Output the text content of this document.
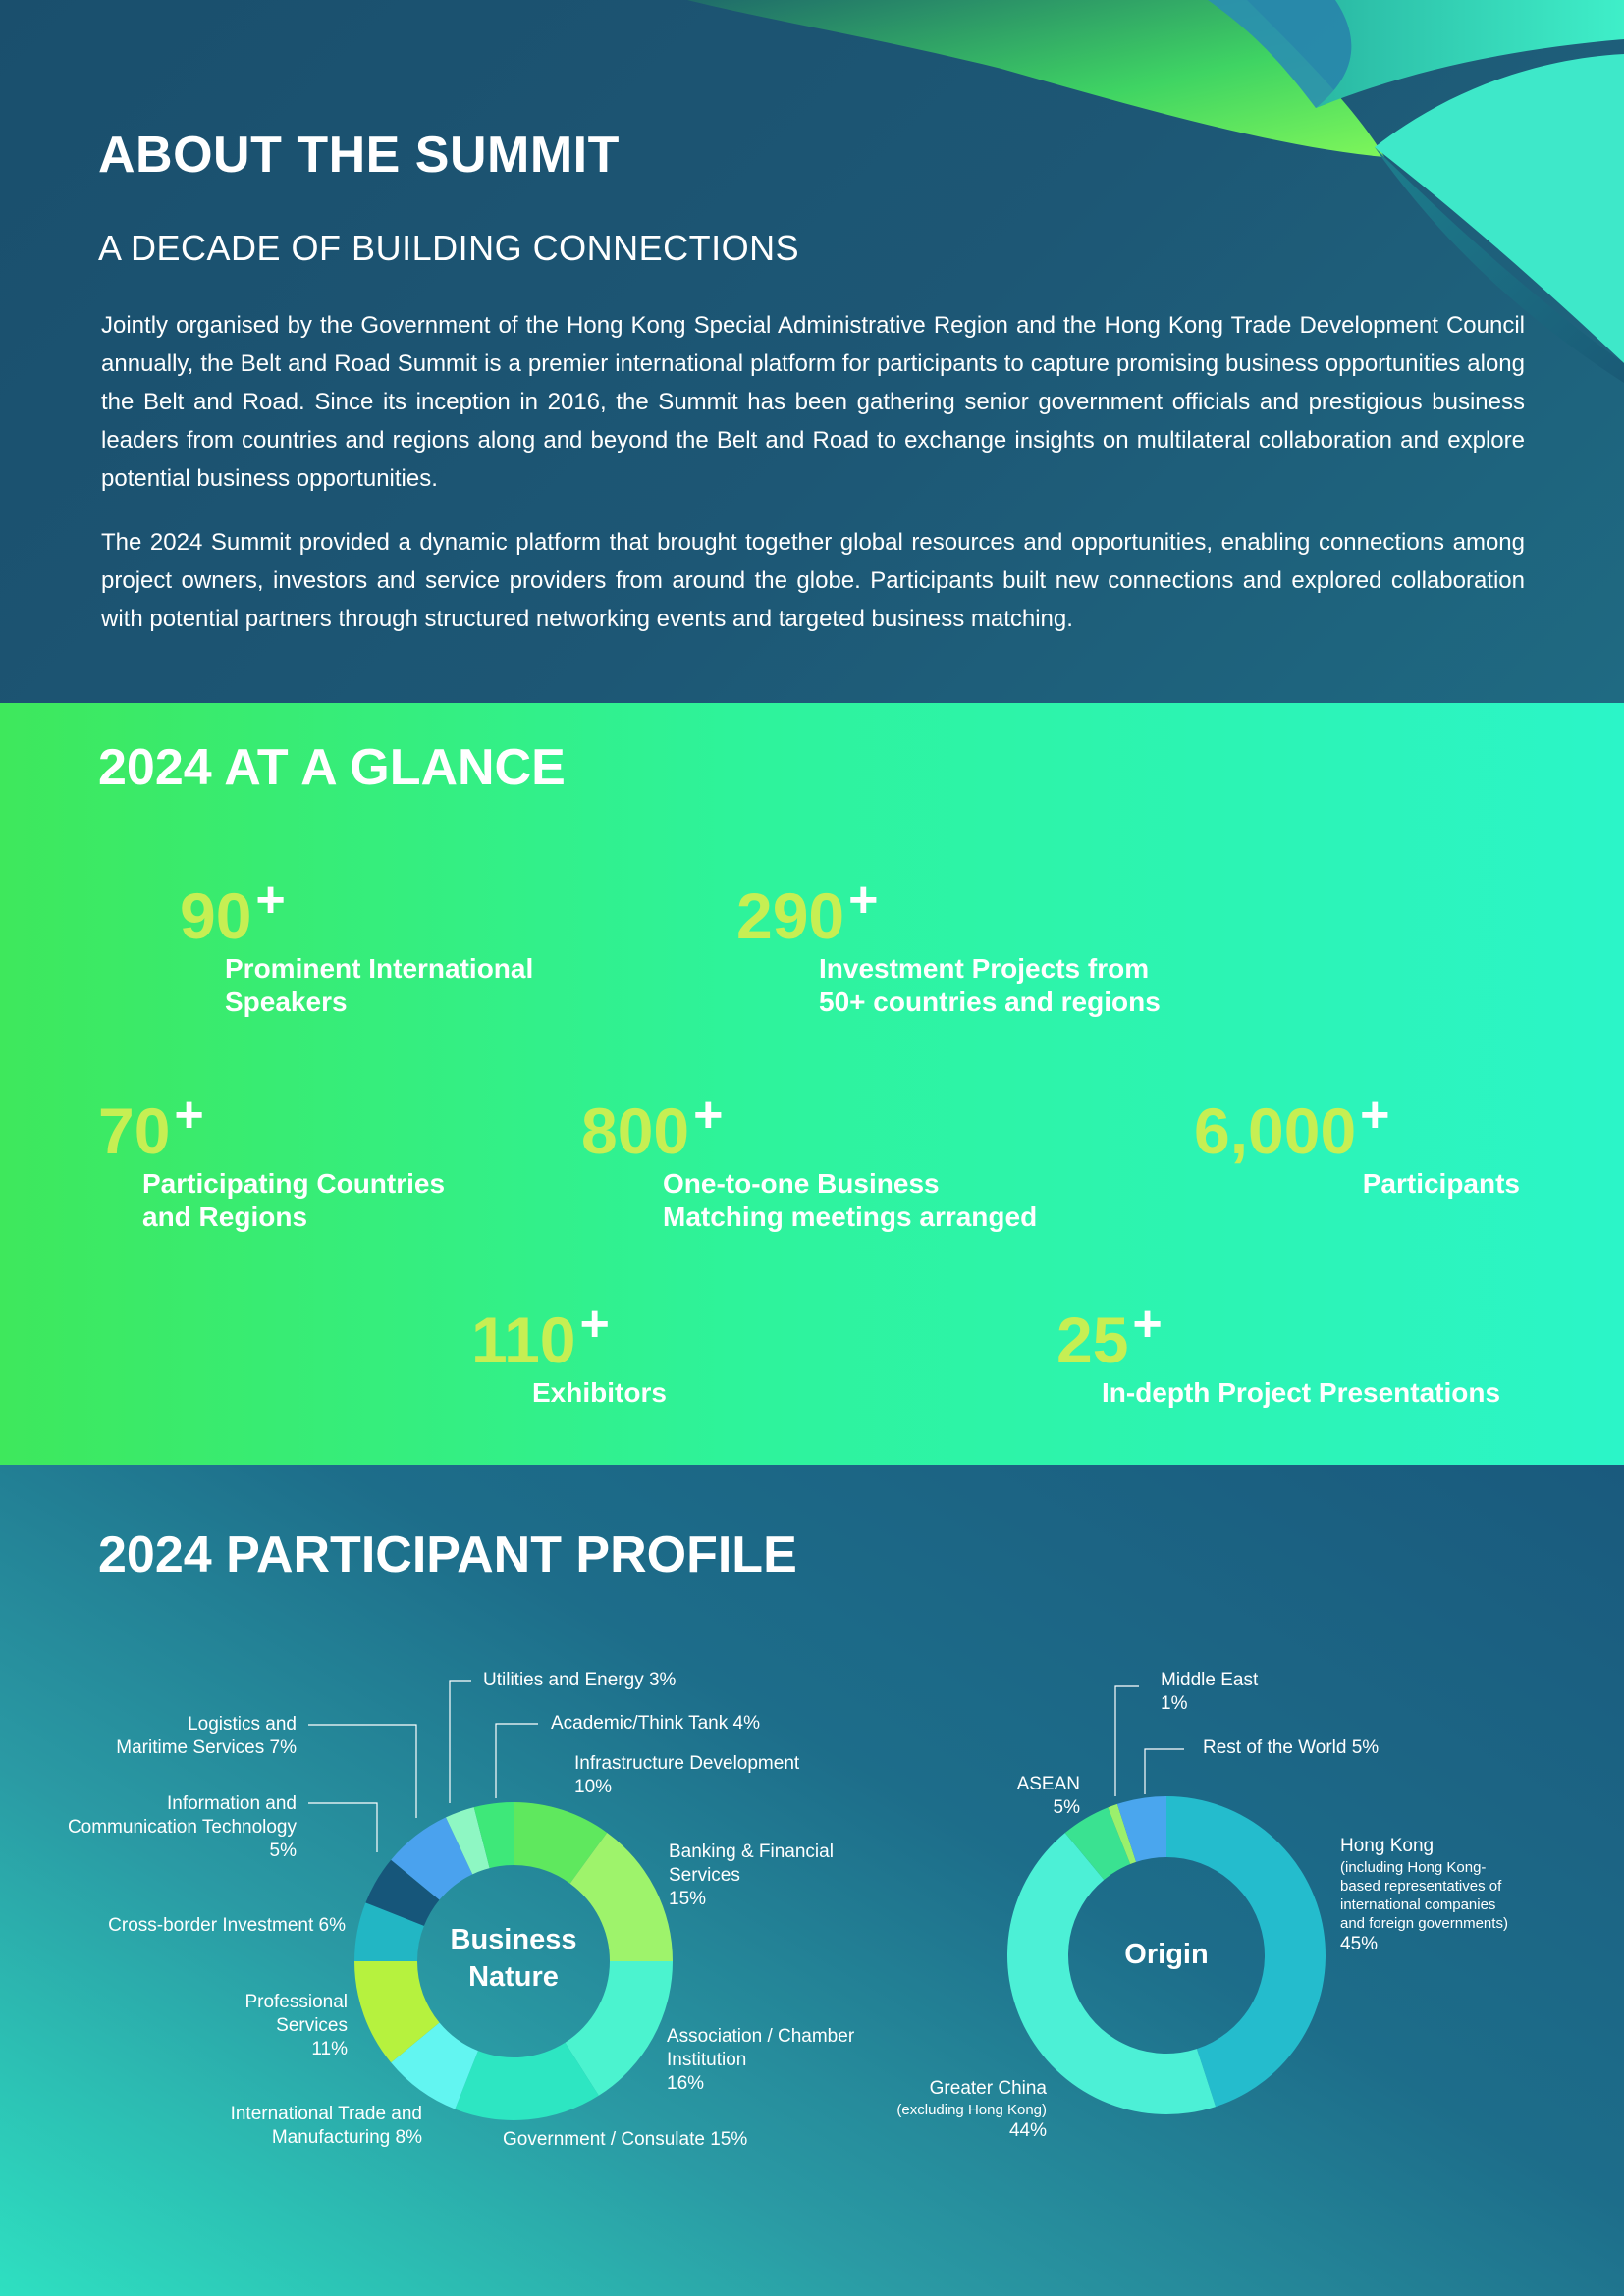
ABOUT THE SUMMIT
A DECADE OF BUILDING CONNECTIONS

Jointly organised by the Government of the Hong Kong Special Administrative Region and the Hong Kong Trade Development Council annually, the Belt and Road Summit is a premier international platform for participants to capture promising business opportunities along the Belt and Road. Since its inception in 2016, the Summit has been gathering senior government officials and prestigious business leaders from countries and regions along and beyond the Belt and Road to exchange insights on multilateral collaboration and explore potential business opportunities.

The 2024 Summit provided a dynamic platform that brought together global resources and opportunities, enabling connections among project owners, investors and service providers from around the globe. Participants built new connections and explored collaboration with potential partners through structured networking events and targeted business matching.

2024 AT A GLANCE
90+
Prominent International
Speakers
290+
Investment Projects from
50+ countries and regions
70+
Participating Countries
and Regions
800+
One-to-one Business
Matching meetings arranged
6,000+
Participants
110+
Exhibitors
25+
In-depth Project Presentations
2024 PARTICIPANT PROFILE
Infrastructure Development
10%
Banking & Financial
Services
15%
Association / Chamber
Institution
16%
Government / Consulate 15%
International Trade and
Manufacturing 8%
Professional
Services
11%
Cross-border Investment 6%
Information and
Communication Technology
5%
Logistics and
Maritime Services 7%
Utilities and Energy 3%
Academic/Think Tank 4%
Business
Nature
Hong Kong
(including Hong Kong-
based representatives of
international companies
and foreign governments)
45%
Greater China
(excluding Hong Kong)
44%
ASEAN
5%
Middle East
1%
Rest of the World 5%
Origin
